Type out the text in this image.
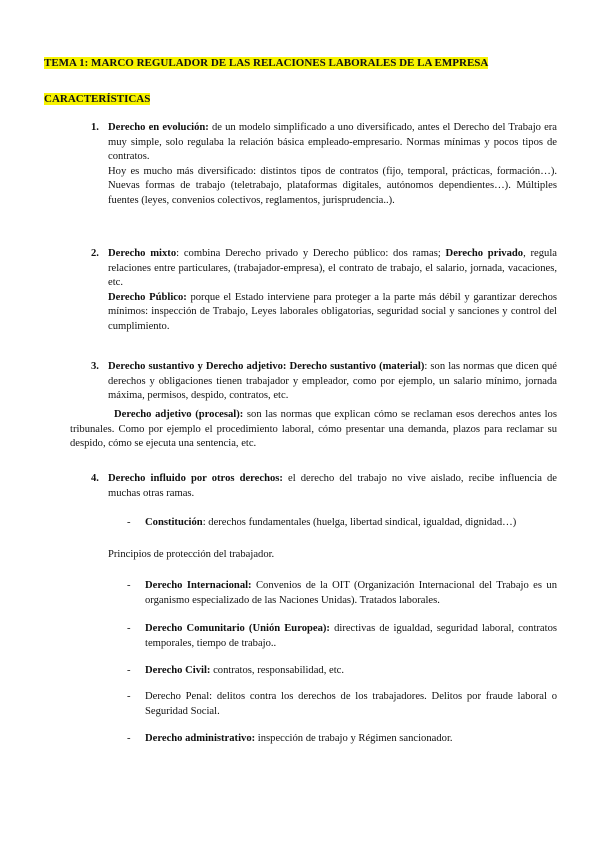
TEMA 1: MARCO REGULADOR DE LAS RELACIONES LABORALES DE LA EMPRESA
CARACTERÍSTICAS
1. Derecho en evolución: de un modelo simplificado a uno diversificado, antes el Derecho del Trabajo era muy simple, solo regulaba la relación básica empleado-empresario. Normas mínimas y pocos tipos de contratos.

Hoy es mucho más diversificado: distintos tipos de contratos (fijo, temporal, prácticas, formación…). Nuevas formas de trabajo (teletrabajo, plataformas digitales, autónomos dependientes…). Múltiples fuentes (leyes, convenios colectivos, reglamentos, jurisprudencia..).

2. Derecho mixto: combina Derecho privado y Derecho público: dos ramas; Derecho privado, regula relaciones entre particulares, (trabajador-empresa), el contrato de trabajo, el salario, jornada, vacaciones, etc.

Derecho Público: porque el Estado interviene para proteger a la parte más débil y garantizar derechos mínimos: inspección de Trabajo, Leyes laborales obligatorias, seguridad social y sanciones y control del cumplimiento.

3. Derecho sustantivo y Derecho adjetivo: Derecho sustantivo (material): son las normas que dicen qué derechos y obligaciones tienen trabajador y empleador, como por ejemplo, un salario mínimo, jornada máxima, permisos, despido, contratos, etc.

Derecho adjetivo (procesal): son las normas que explican cómo se reclaman esos derechos antes los tribunales. Como por ejemplo el procedimiento laboral, cómo presentar una demanda, plazos para reclamar su despido, cómo se ejecuta una sentencia, etc.
4. Derecho influido por otros derechos: el derecho del trabajo no vive aislado, recibe influencia de muchas otras ramas.

- Constitución: derechos fundamentales (huelga, libertad sindical, igualdad, dignidad…)
Principios de protección del trabajador.
- Derecho Internacional: Convenios de la OIT (Organización Internacional del Trabajo es un organismo especializado de las Naciones Unidas). Tratados laborales.
- Derecho Comunitario (Unión Europea): directivas de igualdad, seguridad laboral, contratos temporales, tiempo de trabajo..
- Derecho Civil: contratos, responsabilidad, etc.
- Derecho Penal: delitos contra los derechos de los trabajadores. Delitos por fraude laboral o Seguridad Social.
- Derecho administrativo: inspección de trabajo y Régimen sancionador.
